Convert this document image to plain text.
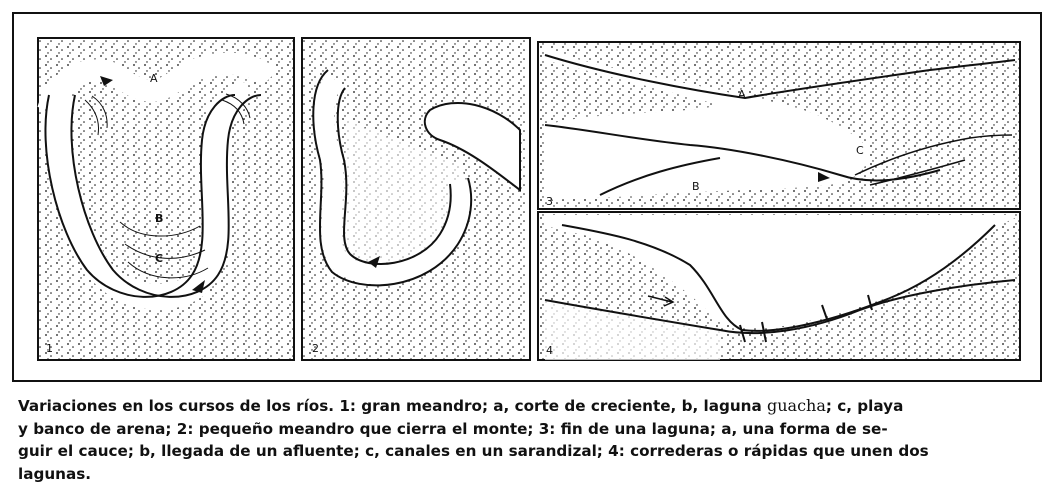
A
B
C
1	2
A
B
C
3
4
Variaciones en los cursos de los ríos. 1: gran meandro; a, corte de creciente, b, laguna guacha; c, playa
y banco de arena; 2: pequeño meandro que cierra el monte; 3: fin de una laguna; a, una forma de se-
guir el cauce; b, llegada de un afluente; c, canales en un sarandizal; 4: correderas o rápidas que unen dos
lagunas.
